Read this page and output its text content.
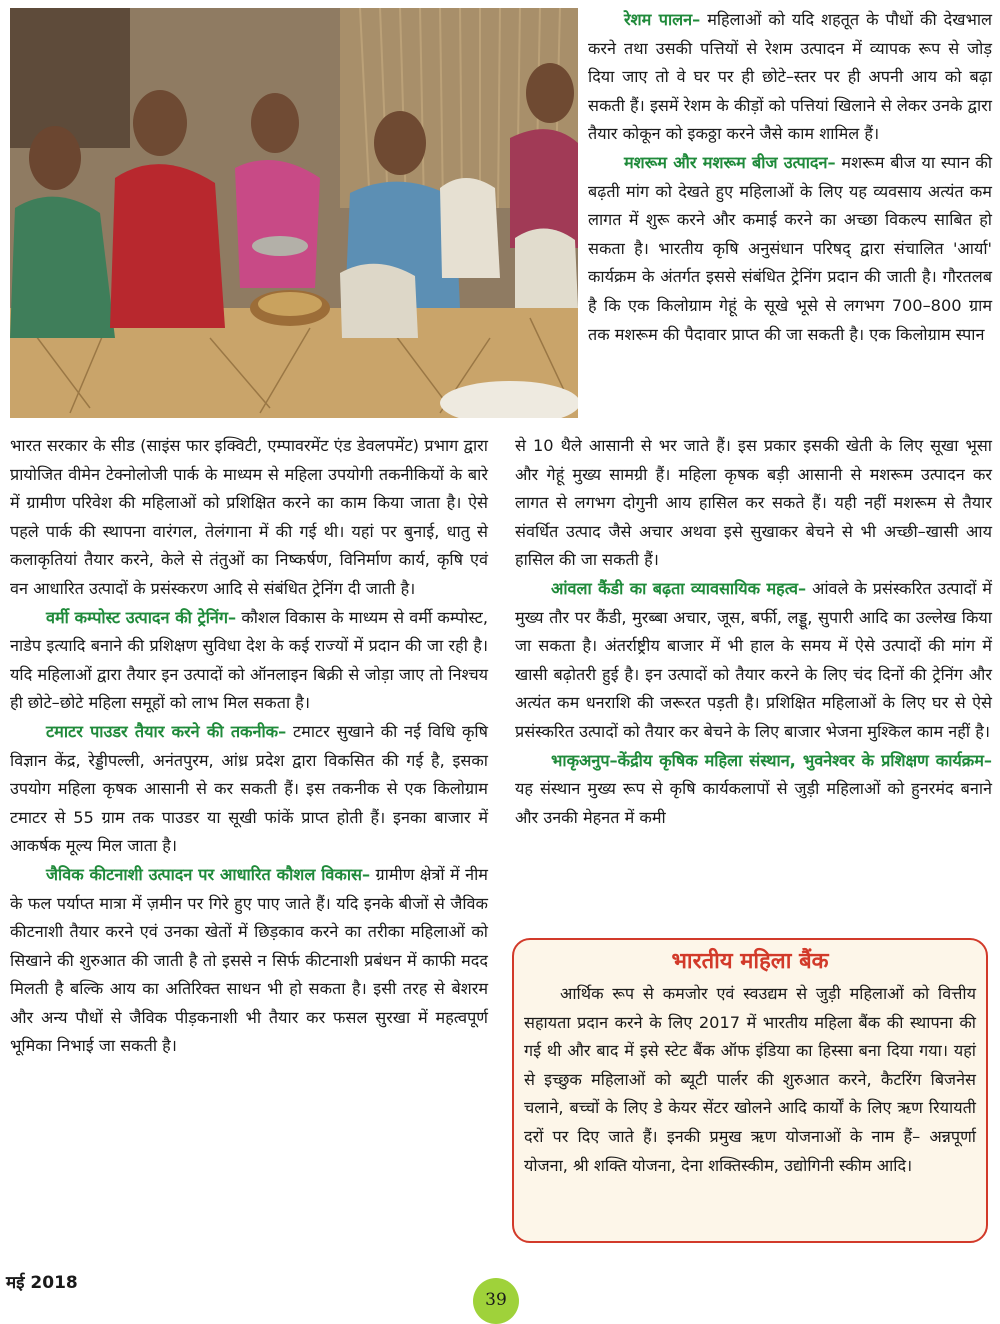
रेशम पालन– महिलाओं को यदि शहतूत के पौधों की देखभाल करने तथा उसकी पत्तियों से रेशम उत्पादन में व्यापक रूप से जोड़ दिया जाए तो वे घर पर ही छोटे–स्तर पर ही अपनी आय को बढ़ा सकती हैं। इसमें रेशम के कीड़ों को पत्तियां खिलाने से लेकर उनके द्वारा तैयार कोकून को इकठ्ठा करने जैसे काम शामिल हैं।

मशरूम और मशरूम बीज उत्पादन– मशरूम बीज या स्पान की बढ़ती मांग को देखते हुए महिलाओं के लिए यह व्यवसाय अत्यंत कम लागत में शुरू करने और कमाई करने का अच्छा विकल्प साबित हो सकता है। भारतीय कृषि अनुसंधान परिषद् द्वारा संचालित 'आर्या' कार्यक्रम के अंतर्गत इससे संबंधित ट्रेनिंग प्रदान की जाती है। गौरतलब है कि एक किलोग्राम गेहूं के सूखे भूसे से लगभग 700–800 ग्राम तक मशरूम की पैदावार प्राप्त की जा सकती है। एक किलोग्राम स्पान

से 10 थैले आसानी से भर जाते हैं। इस प्रकार इसकी खेती के लिए सूखा भूसा और गेहूं मुख्य सामग्री हैं। महिला कृषक बड़ी आसानी से मशरूम उत्पादन कर लागत से लगभग दोगुनी आय हासिल कर सकते हैं। यही नहीं मशरूम से तैयार संवर्धित उत्पाद जैसे अचार अथवा इसे सुखाकर बेचने से भी अच्छी–खासी आय हासिल की जा सकती हैं।

आंवला कैंडी का बढ़ता व्यावसायिक महत्व– आंवले के प्रसंस्करित उत्पादों में मुख्य तौर पर कैंडी, मुरब्बा अचार, जूस, बर्फी, लड्डू, सुपारी आदि का उल्लेख किया जा सकता है। अंतर्राष्ट्रीय बाजार में भी हाल के समय में ऐसे उत्पादों की मांग में खासी बढ़ोतरी हुई है। इन उत्पादों को तैयार करने के लिए चंद दिनों की ट्रेनिंग और अत्यंत कम धनराशि की जरूरत पड़ती है। प्रशिक्षित महिलाओं के लिए घर से ऐसे प्रसंस्करित उत्पादों को तैयार कर बेचने के लिए बाजार भेजना मुश्किल काम नहीं है।

भाकृअनुप–केंद्रीय कृषिक महिला संस्थान, भुवनेश्वर के प्रशिक्षण कार्यक्रम– यह संस्थान मुख्य रूप से कृषि कार्यकलापों से जुड़ी महिलाओं को हुनरमंद बनाने और उनकी मेहनत में कमी

भारत सरकार के सीड (साइंस फार इक्विटी, एम्पावरमेंट एंड डेवलपमेंट) प्रभाग द्वारा प्रायोजित वीमेन टेक्नोलोजी पार्क के माध्यम से महिला उपयोगी तकनीकियों के बारे में ग्रामीण परिवेश की महिलाओं को प्रशिक्षित करने का काम किया जाता है। ऐसे पहले पार्क की स्थापना वारंगल, तेलंगाना में की गई थी। यहां पर बुनाई, धातु से कलाकृतियां तैयार करने, केले से तंतुओं का निष्कर्षण, विनिर्माण कार्य, कृषि एवं वन आधारित उत्पादों के प्रसंस्करण आदि से संबंधित ट्रेनिंग दी जाती है।

वर्मी कम्पोस्ट उत्पादन की ट्रेनिंग– कौशल विकास के माध्यम से वर्मी कम्पोस्ट, नाडेप इत्यादि बनाने की प्रशिक्षण सुविधा देश के कई राज्यों में प्रदान की जा रही है। यदि महिलाओं द्वारा तैयार इन उत्पादों को ऑनलाइन बिक्री से जोड़ा जाए तो निश्चय ही छोटे–छोटे महिला समूहों को लाभ मिल सकता है।

टमाटर पाउडर तैयार करने की तकनीक– टमाटर सुखाने की नई विधि कृषि विज्ञान केंद्र, रेड्डीपल्ली, अनंतपुरम, आंध्र प्रदेश द्वारा विकसित की गई है, इसका उपयोग महिला कृषक आसानी से कर सकती हैं। इस तकनीक से एक किलोग्राम टमाटर से 55 ग्राम तक पाउडर या सूखी फांकें प्राप्त होती हैं। इनका बाजार में आकर्षक मूल्य मिल जाता है।

जैविक कीटनाशी उत्पादन पर आधारित कौशल विकास– ग्रामीण क्षेत्रों में नीम के फल पर्याप्त मात्रा में ज़मीन पर गिरे हुए पाए जाते हैं। यदि इनके बीजों से जैविक कीटनाशी तैयार करने एवं उनका खेतों में छिड़काव करने का तरीका महिलाओं को सिखाने की शुरुआत की जाती है तो इससे न सिर्फ कीटनाशी प्रबंधन में काफी मदद मिलती है बल्कि आय का अतिरिक्त साधन भी हो सकता है। इसी तरह से बेशरम और अन्य पौधों से जैविक पीड़कनाशी भी तैयार कर फसल सुरखा में महत्वपूर्ण भूमिका निभाई जा सकती है।

भारतीय महिला बैंक

आर्थिक रूप से कमजोर एवं स्वउद्यम से जुड़ी महिलाओं को वित्तीय सहायता प्रदान करने के लिए 2017 में भारतीय महिला बैंक की स्थापना की गई थी और बाद में इसे स्टेट बैंक ऑफ इंडिया का हिस्सा बना दिया गया। यहां से इच्छुक महिलाओं को ब्यूटी पार्लर की शुरुआत करने, कैटरिंग बिजनेस चलाने, बच्चों के लिए डे केयर सेंटर खोलने आदि कार्यों के लिए ऋण रियायती दरों पर दिए जाते हैं। इनकी प्रमुख ऋण योजनाओं के नाम हैं– अन्नपूर्णा योजना, श्री शक्ति योजना, देना शक्तिस्कीम, उद्योगिनी स्कीम आदि।

मई 2018
39
